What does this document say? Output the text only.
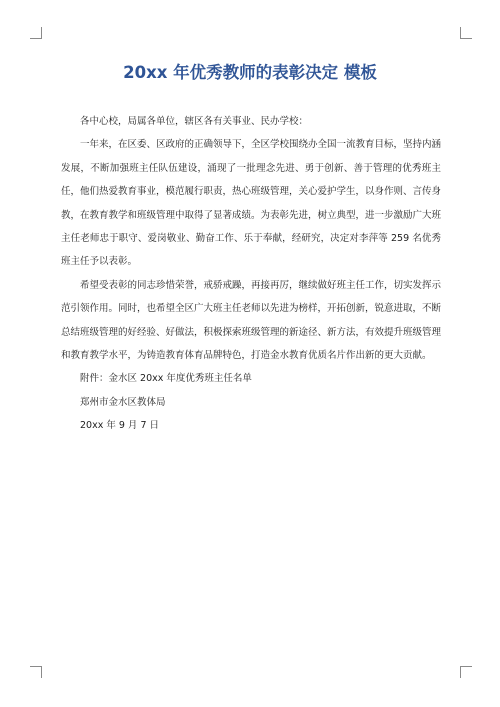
20xx 年优秀教师的表彰决定 模板

各中心校，局属各单位，辖区各有关事业、民办学校：

一年来，在区委、区政府的正确领导下，全区学校围绕办全国一流教育目标，坚持内涵发展，不断加强班主任队伍建设，涌现了一批理念先进、勇于创新、善于管理的优秀班主任，他们热爱教育事业，模范履行职责，热心班级管理，关心爱护学生，以身作则、言传身教，在教育教学和班级管理中取得了显著成绩。为表彰先进，树立典型，进一步激励广大班主任老师忠于职守、爱岗敬业、勤奋工作、乐于奉献，经研究，决定对李萍等 259 名优秀班主任予以表彰。

希望受表彰的同志珍惜荣誉，戒骄戒躁，再接再厉，继续做好班主任工作，切实发挥示范引领作用。同时，也希望全区广大班主任老师以先进为榜样，开拓创新，锐意进取，不断总结班级管理的好经验、好做法，积极探索班级管理的新途径、新方法，有效提升班级管理和教育教学水平，为铸造教育体育品牌特色，打造金水教育优质名片作出新的更大贡献。

附件：金水区 20xx 年度优秀班主任名单

郑州市金水区教体局

20xx 年 9 月 7 日
